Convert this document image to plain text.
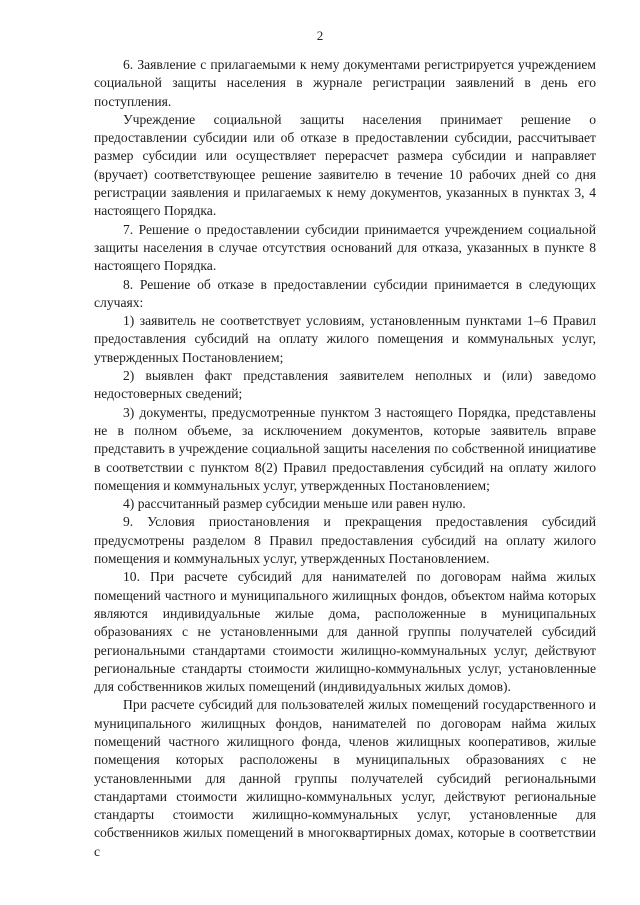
2

6. Заявление с прилагаемыми к нему документами регистрируется учреждением социальной защиты населения в журнале регистрации заявлений в день его поступления.

Учреждение социальной защиты населения принимает решение о предоставлении субсидии или об отказе в предоставлении субсидии, рассчитывает размер субсидии или осуществляет перерасчет размера субсидии и направляет (вручает) соответствующее решение заявителю в течение 10 рабочих дней со дня регистрации заявления и прилагаемых к нему документов, указанных в пунктах 3, 4 настоящего Порядка.

7. Решение о предоставлении субсидии принимается учреждением социальной защиты населения в случае отсутствия оснований для отказа, указанных в пункте 8 настоящего Порядка.

8. Решение об отказе в предоставлении субсидии принимается в следующих случаях:

1) заявитель не соответствует условиям, установленным пунктами 1–6 Правил предоставления субсидий на оплату жилого помещения и коммунальных услуг, утвержденных Постановлением;

2) выявлен факт представления заявителем неполных и (или) заведомо недостоверных сведений;

3) документы, предусмотренные пунктом 3 настоящего Порядка, представлены не в полном объеме, за исключением документов, которые заявитель вправе представить в учреждение социальной защиты населения по собственной инициативе в соответствии с пунктом 8(2) Правил предоставления субсидий на оплату жилого помещения и коммунальных услуг, утвержденных Постановлением;

4) рассчитанный размер субсидии меньше или равен нулю.

9. Условия приостановления и прекращения предоставления субсидий предусмотрены разделом 8 Правил предоставления субсидий на оплату жилого помещения и коммунальных услуг, утвержденных Постановлением.

10. При расчете субсидий для нанимателей по договорам найма жилых помещений частного и муниципального жилищных фондов, объектом найма которых являются индивидуальные жилые дома, расположенные в муниципальных образованиях с не установленными для данной группы получателей субсидий региональными стандартами стоимости жилищно-коммунальных услуг, действуют региональные стандарты стоимости жилищно-коммунальных услуг, установленные для собственников жилых помещений (индивидуальных жилых домов).

При расчете субсидий для пользователей жилых помещений государственного и муниципального жилищных фондов, нанимателей по договорам найма жилых помещений частного жилищного фонда, членов жилищных кооперативов, жилые помещения которых расположены в муниципальных образованиях с не установленными для данной группы получателей субсидий региональными стандартами стоимости жилищно-коммунальных услуг, действуют региональные стандарты стоимости жилищно-коммунальных услуг, установленные для собственников жилых помещений в многоквартирных домах, которые в соответствии с
